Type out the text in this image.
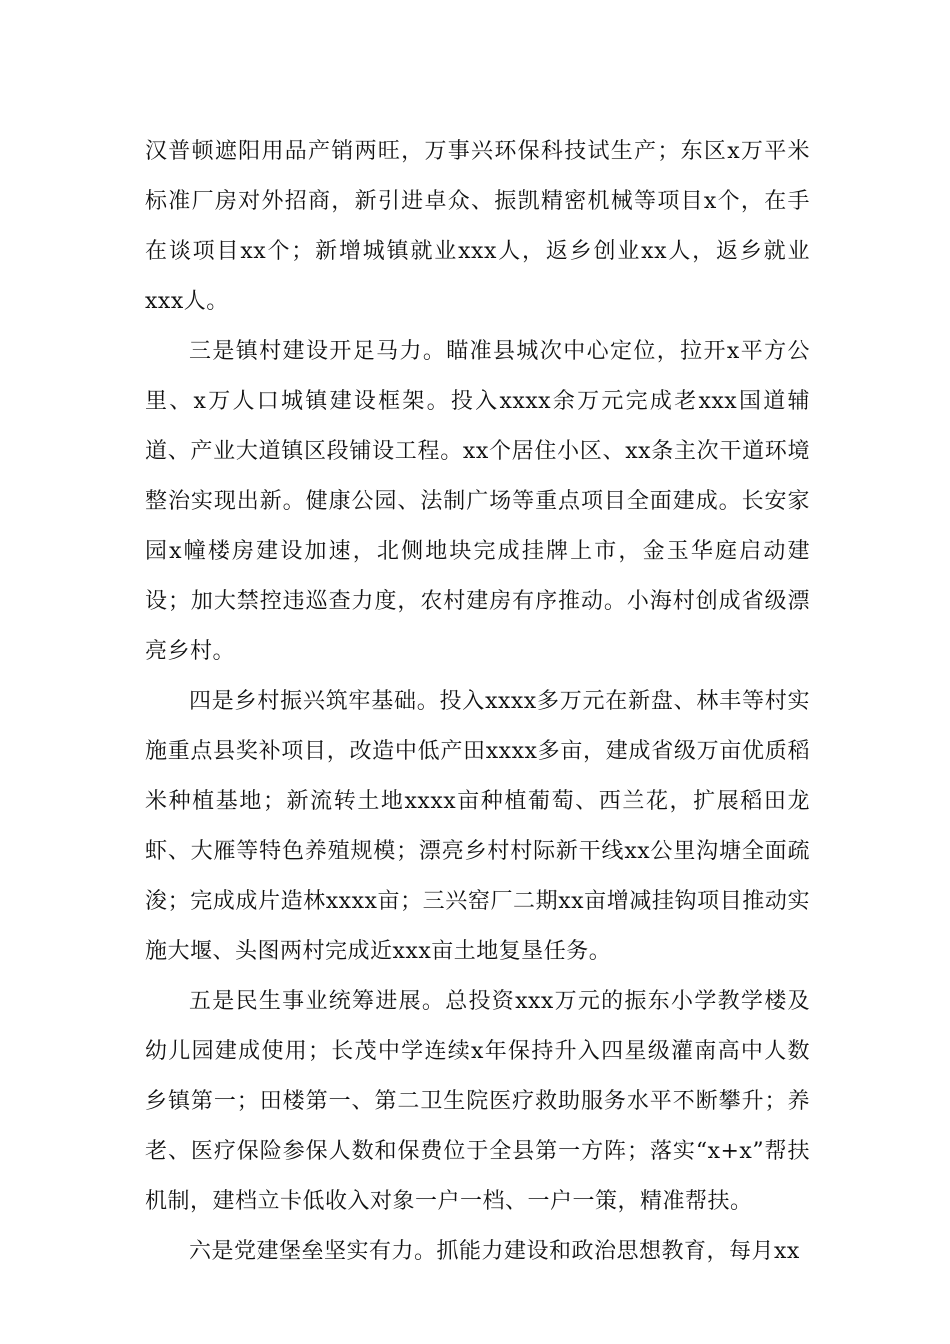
汉普顿遮阳用品产销两旺，万事兴环保科技试生产；东区x万平米标准厂房对外招商，新引进卓众、振凯精密机械等项目x个，在手在谈项目xx个；新增城镇就业xxx人，返乡创业xx人，返乡就业xxx人。

三是镇村建设开足马力。瞄准县城次中心定位，拉开x平方公里、x万人口城镇建设框架。投入xxxx余万元完成老xxx国道辅道、产业大道镇区段铺设工程。xx个居住小区、xx条主次干道环境整治实现出新。健康公园、法制广场等重点项目全面建成。长安家园x幢楼房建设加速，北侧地块完成挂牌上市，金玉华庭启动建设；加大禁控违巡查力度，农村建房有序推动。小海村创成省级漂亮乡村。

四是乡村振兴筑牢基础。投入xxxx多万元在新盘、林丰等村实施重点县奖补项目，改造中低产田xxxx多亩，建成省级万亩优质稻米种植基地；新流转土地xxxx亩种植葡萄、西兰花，扩展稻田龙虾、大雁等特色养殖规模；漂亮乡村村际新干线xx公里沟塘全面疏浚；完成成片造林xxxx亩；三兴窑厂二期xx亩增减挂钩项目推动实施大堰、头图两村完成近xxx亩土地复垦任务。

五是民生事业统筹进展。总投资xxx万元的振东小学教学楼及幼儿园建成使用；长茂中学连续x年保持升入四星级灌南高中人数乡镇第一；田楼第一、第二卫生院医疗救助服务水平不断攀升；养老、医疗保险参保人数和保费位于全县第一方阵；落实“x+x”帮扶机制，建档立卡低收入对象一户一档、一户一策，精准帮扶。

六是党建堡垒坚实有力。抓能力建设和政治思想教育，每月xx
